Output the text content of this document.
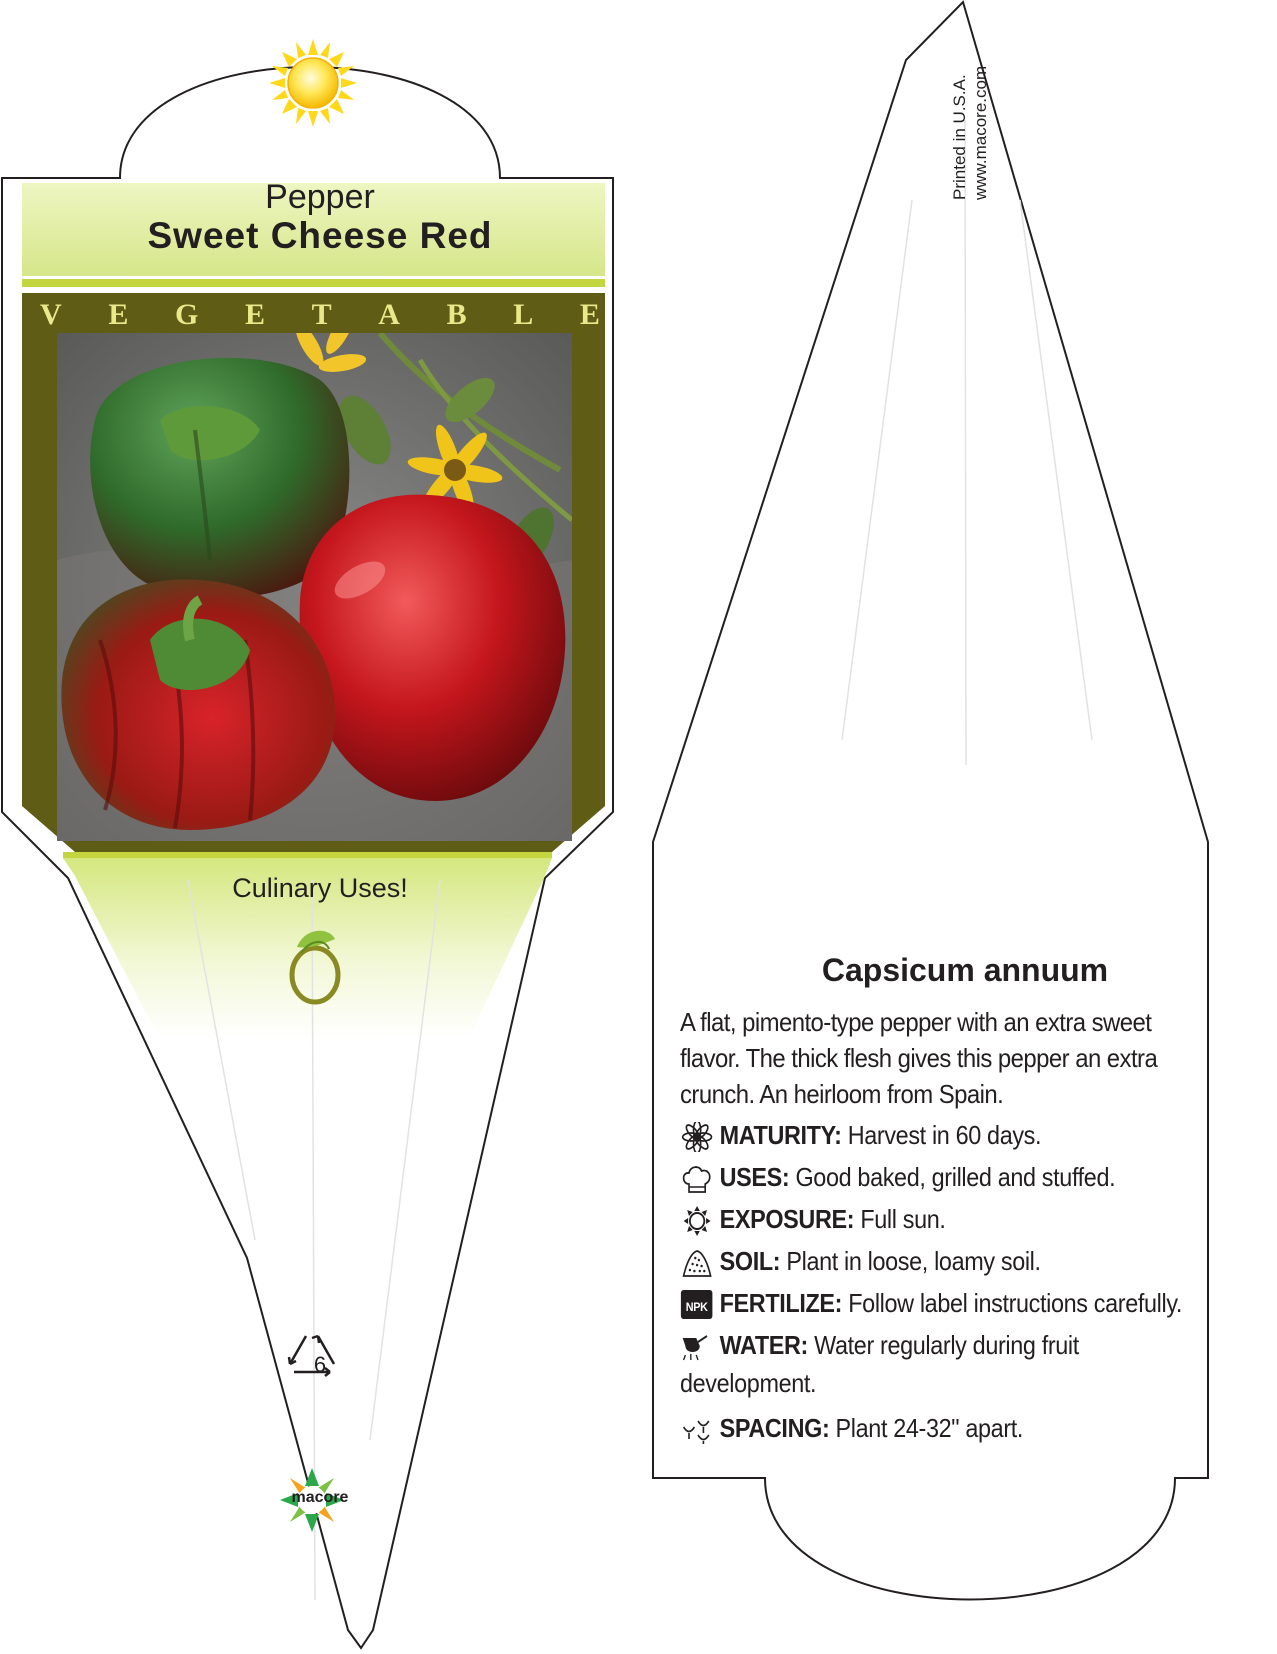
Pepper
Sweet Cheese Red
V E G E T A B L E
Culinary Uses!
6
macore
Printed in U.S.A. www.macore.com
Capsicum annuum
A flat, pimento-type pepper with an extra sweet flavor. The thick flesh gives this pepper an extra crunch. An heirloom from Spain.
MATURITY: Harvest in 60 days.
USES: Good baked, grilled and stuffed.
EXPOSURE: Full sun.
SOIL: Plant in loose, loamy soil.
NPK FERTILIZE: Follow label instructions carefully.
WATER: Water regularly during fruit
development.
SPACING: Plant 24-32" apart.
